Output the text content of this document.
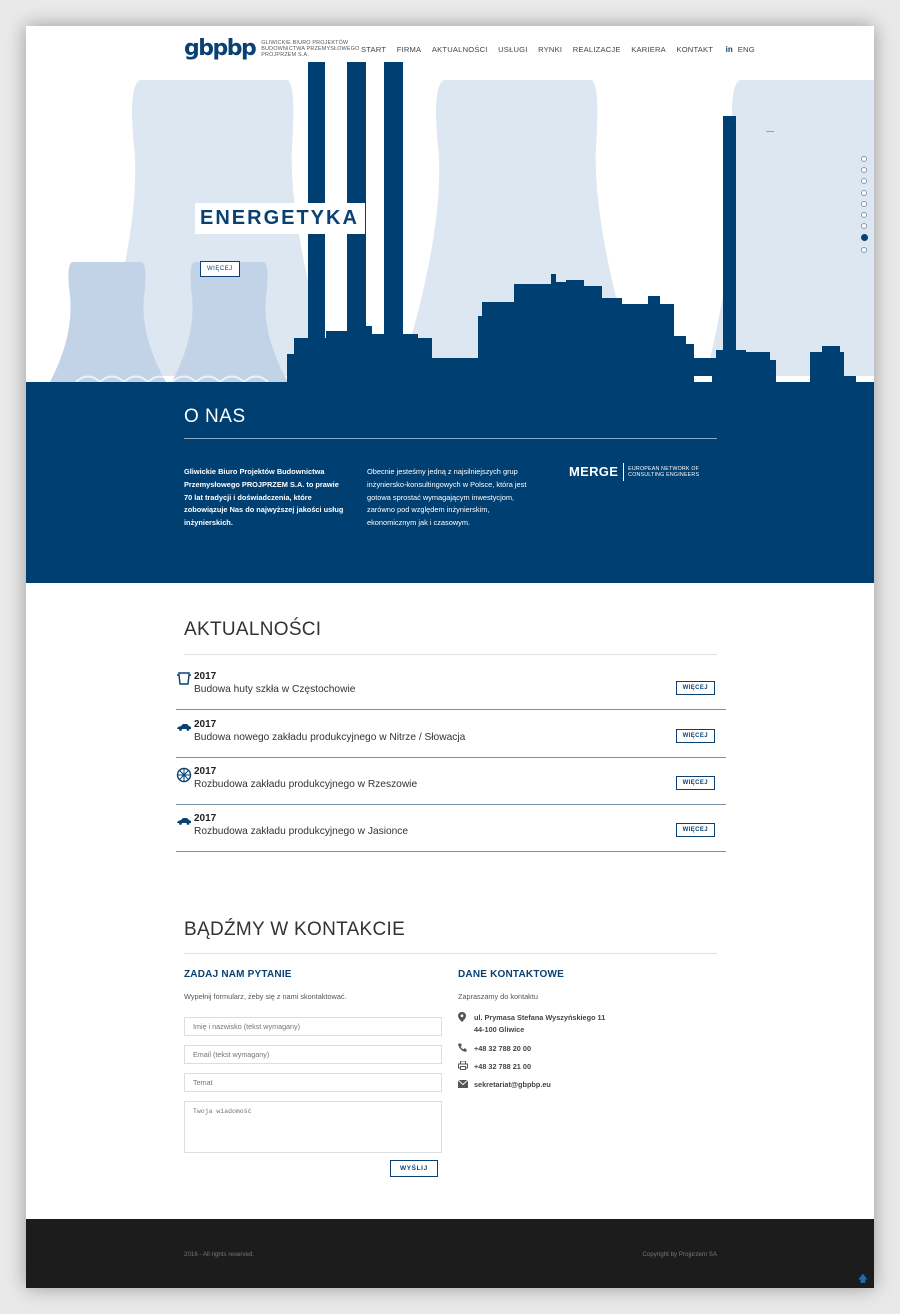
gbpbp GLIWICKIE BIURO PROJEKTÓW BUDOWNICTWA PRZEMYSŁOWEGO PROJPRZEM S.A.
START FIRMA AKTUALNOŚCI USŁUGI RYNKI REALIZACJE KARIERA KONTAKT in ENG
ENERGETYKA
WIĘCEJ
O NAS

Gliwickie Biuro Projektów Budownictwa Przemysłowego PROJPRZEM S.A. to prawie 70 lat tradycji i doświadczenia, które zobowiązuje Nas do najwyższej jakości usług inżynierskich.

Obecnie jesteśmy jedną z najsilniejszych grup inżyniersko-konsultingowych w Polsce, która jest gotowa sprostać wymagającym inwestycjom, zarówno pod względem inżynierskim, ekonomicznym jak i czasowym.

MERGE	EUROPEAN NETWORK OF CONSULTING ENGINEERS
AKTUALNOŚCI
2017
Budowa huty szkła w Częstochowie	WIĘCEJ
2017
Budowa nowego zakładu produkcyjnego w Nitrze / Słowacja	WIĘCEJ
2017
Rozbudowa zakładu produkcyjnego w Rzeszowie	WIĘCEJ
2017
Rozbudowa zakładu produkcyjnego w Jasionce	WIĘCEJ
BĄDŹMY W KONTAKCIE
ZADAJ NAM PYTANIE

Wypełnij formularz, żeby się z nami skontaktować.

Imię i nazwisko (tekst wymagany)
Email (tekst wymagany)
Temat
Twoja wiadomość
WYŚLIJ
DANE KONTAKTOWE

Zapraszamy do kontaktu

ul. Prymasa Stefana Wyszyńskiego 11
44-100 Gliwice
+48 32 788 20 00
+48 32 788 21 00
sekretariat@gbpbp.eu
2016 - All rights reserved.	Copyright by Projprzem SA
🡅
